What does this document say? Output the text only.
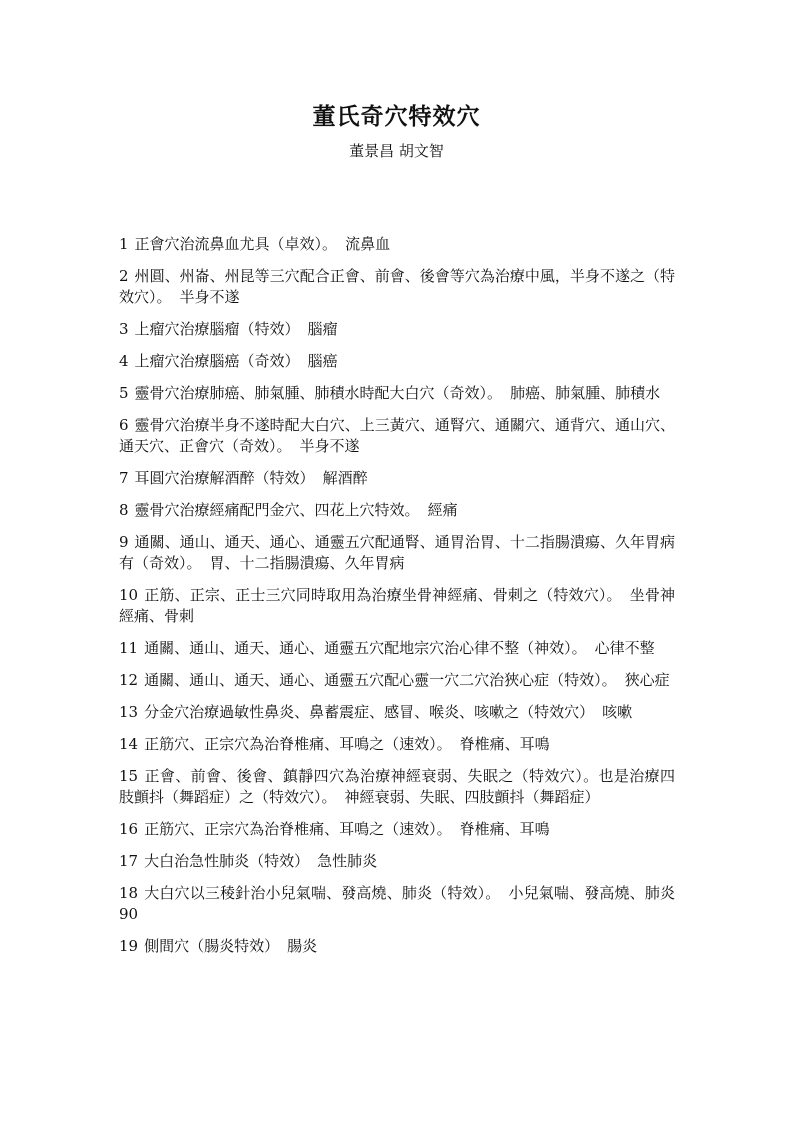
董氏奇穴特效穴

董景昌 胡文智

1 正會穴治流鼻血尤具（卓效）。 流鼻血
2 州圓、州崙、州昆等三穴配合正會、前會、後會等穴為治療中風，半身不遂之（特效穴）。 半身不遂
3 上瘤穴治療腦瘤（特效） 腦瘤
4 上瘤穴治療腦癌（奇效） 腦癌
5 靈骨穴治療肺癌、肺氣腫、肺積水時配大白穴（奇效）。 肺癌、肺氣腫、肺積水
6 靈骨穴治療半身不遂時配大白穴、上三黃穴、通腎穴、通關穴、通背穴、通山穴、通天穴、正會穴（奇效）。 半身不遂
7 耳圓穴治療解酒醉（特效） 解酒醉
8 靈骨穴治療經痛配門金穴、四花上穴特效。 經痛
9 通關、通山、通天、通心、通靈五穴配通腎、通胃治胃、十二指腸潰瘍、久年胃病有（奇效）。 胃、十二指腸潰瘍、久年胃病
10 正筋、正宗、正士三穴同時取用為治療坐骨神經痛、骨刺之（特效穴）。 坐骨神經痛、骨刺
11 通關、通山、通天、通心、通靈五穴配地宗穴治心律不整（神效）。 心律不整
12 通關、通山、通天、通心、通靈五穴配心靈一穴二穴治狹心症（特效）。 狹心症
13 分金穴治療過敏性鼻炎、鼻蓄震症、感冒、喉炎、咳嗽之（特效穴） 咳嗽
14 正筋穴、正宗穴為治脊椎痛、耳鳴之（速效）。 脊椎痛、耳鳴
15 正會、前會、後會、鎮靜四穴為治療神經衰弱、失眠之（特效穴）。也是治療四肢顫抖（舞蹈症）之（特效穴）。 神經衰弱、失眠、四肢顫抖（舞蹈症）
16 正筋穴、正宗穴為治脊椎痛、耳鳴之（速效）。 脊椎痛、耳鳴
17 大白治急性肺炎（特效） 急性肺炎
18 大白穴以三稜針治小兒氣喘、發高燒、肺炎（特效）。 小兒氣喘、發高燒、肺炎 90
19 側間穴（腸炎特效） 腸炎
